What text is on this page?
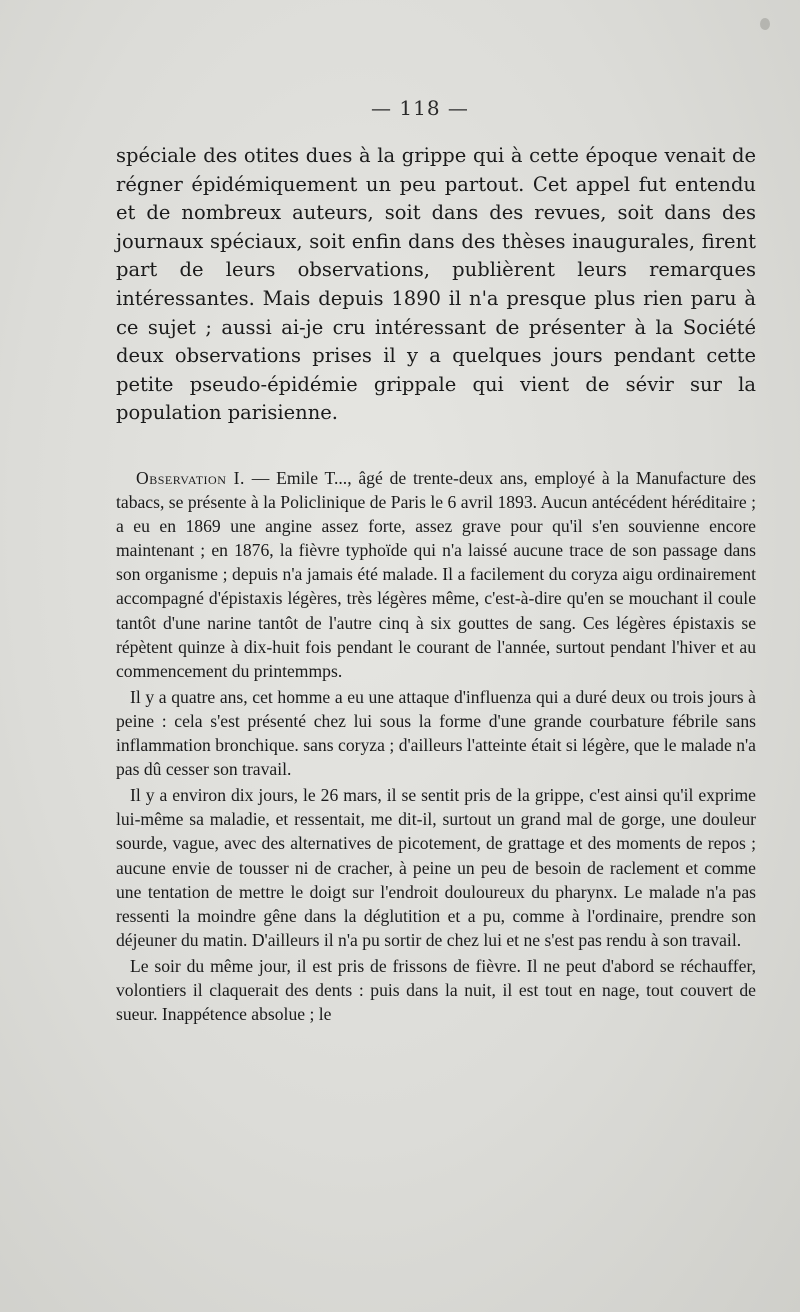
— 118 —

spéciale des otites dues à la grippe qui à cette époque venait de régner épidémiquement un peu partout. Cet appel fut entendu et de nombreux auteurs, soit dans des revues, soit dans des journaux spéciaux, soit enfin dans des thèses inaugurales, firent part de leurs observations, publièrent leurs remarques intéressantes. Mais depuis 1890 il n'a presque plus rien paru à ce sujet ; aussi ai-je cru intéressant de présenter à la Société deux observations prises il y a quelques jours pendant cette petite pseudo-épidémie grippale qui vient de sévir sur la population parisienne.

Observation I. — Emile T..., âgé de trente-deux ans, employé à la Manufacture des tabacs, se présente à la Policlinique de Paris le 6 avril 1893. Aucun antécédent héréditaire ; a eu en 1869 une angine assez forte, assez grave pour qu'il s'en souvienne encore maintenant ; en 1876, la fièvre typhoïde qui n'a laissé aucune trace de son passage dans son organisme ; depuis n'a jamais été malade. Il a facilement du coryza aigu ordinairement accompagné d'épistaxis légères, très légères même, c'est-à-dire qu'en se mouchant il coule tantôt d'une narine tantôt de l'autre cinq à six gouttes de sang. Ces légères épistaxis se répètent quinze à dix-huit fois pendant le courant de l'année, surtout pendant l'hiver et au commencement du printemmps.

Il y a quatre ans, cet homme a eu une attaque d'influenza qui a duré deux ou trois jours à peine : cela s'est présenté chez lui sous la forme d'une grande courbature fébrile sans inflammation bronchique. sans coryza ; d'ailleurs l'atteinte était si légère, que le malade n'a pas dû cesser son travail.

Il y a environ dix jours, le 26 mars, il se sentit pris de la grippe, c'est ainsi qu'il exprime lui-même sa maladie, et ressentait, me dit-il, surtout un grand mal de gorge, une douleur sourde, vague, avec des alternatives de picotement, de grattage et des moments de repos ; aucune envie de tousser ni de cracher, à peine un peu de besoin de raclement et comme une tentation de mettre le doigt sur l'endroit douloureux du pharynx. Le malade n'a pas ressenti la moindre gêne dans la déglutition et a pu, comme à l'ordinaire, prendre son déjeuner du matin. D'ailleurs il n'a pu sortir de chez lui et ne s'est pas rendu à son travail.

Le soir du même jour, il est pris de frissons de fièvre. Il ne peut d'abord se réchauffer, volontiers il claquerait des dents : puis dans la nuit, il est tout en nage, tout couvert de sueur. Inappétence absolue ; le
